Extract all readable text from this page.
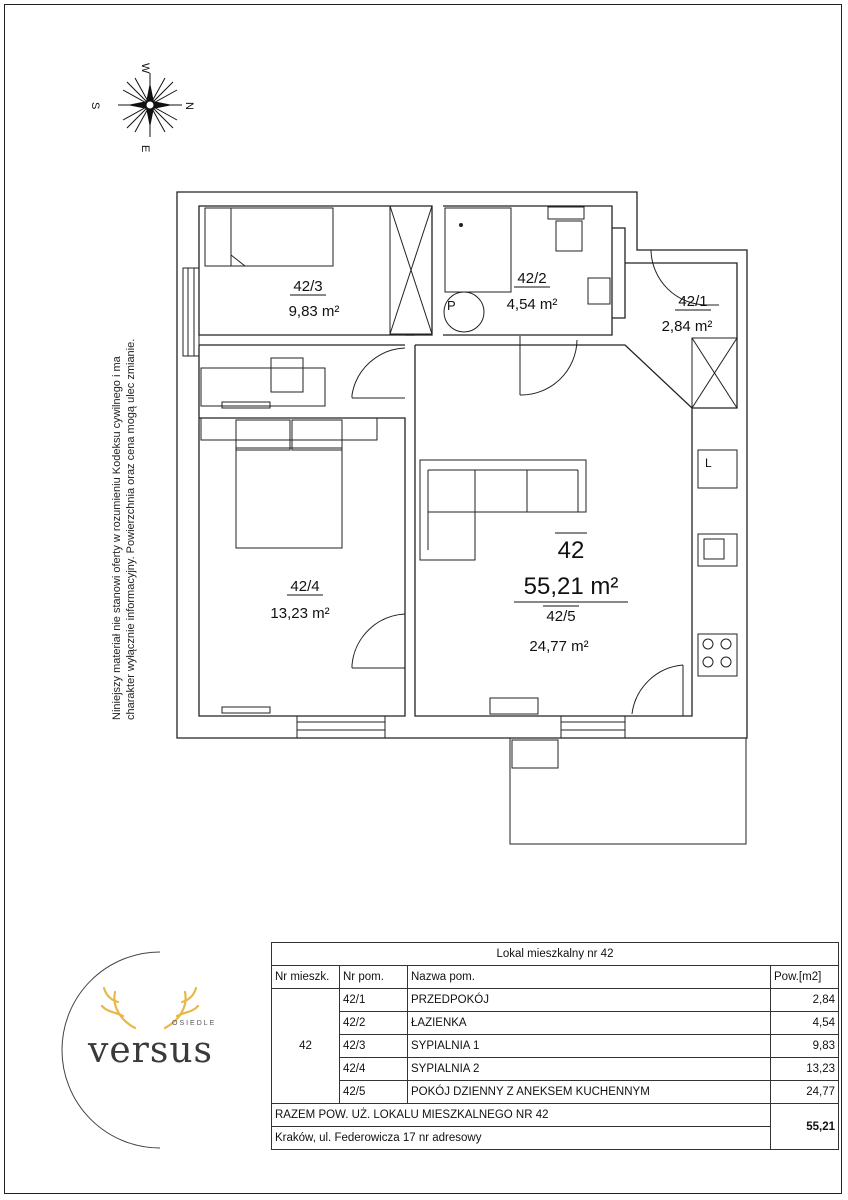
W
E
S	N
42/3
9,83 m²
42/2
4,54 m²
P	42/1
2,84 m²
42/4
13,23 m²
L
42
55,21 m²
42/5
24,77 m²
Niniejszy materiał nie stanowi oferty w rozumieniu Kodeksu cywilnego i ma charakter wyłącznie informacyjny. Powierzchnia oraz cena mogą ulec zmianie.
OSIEDLE
versus
Lokal mieszkalny nr 42			
Nr mieszk.	Nr pom.	Nazwa pom.	Pow.[m2]
42	42/1	PRZEDPOKÓJ	2,84
	42/2	ŁAZIENKA	4,54
	42/3	SYPIALNIA 1	9,83
	42/4	SYPIALNIA 2	13,23
	42/5	POKÓJ DZIENNY Z ANEKSEM KUCHENNYM	24,77
RAZEM POW. UŻ. LOKALU MIESZKALNEGO NR 42			55,21
Kraków, ul. Federowicza 17 nr adresowy			
